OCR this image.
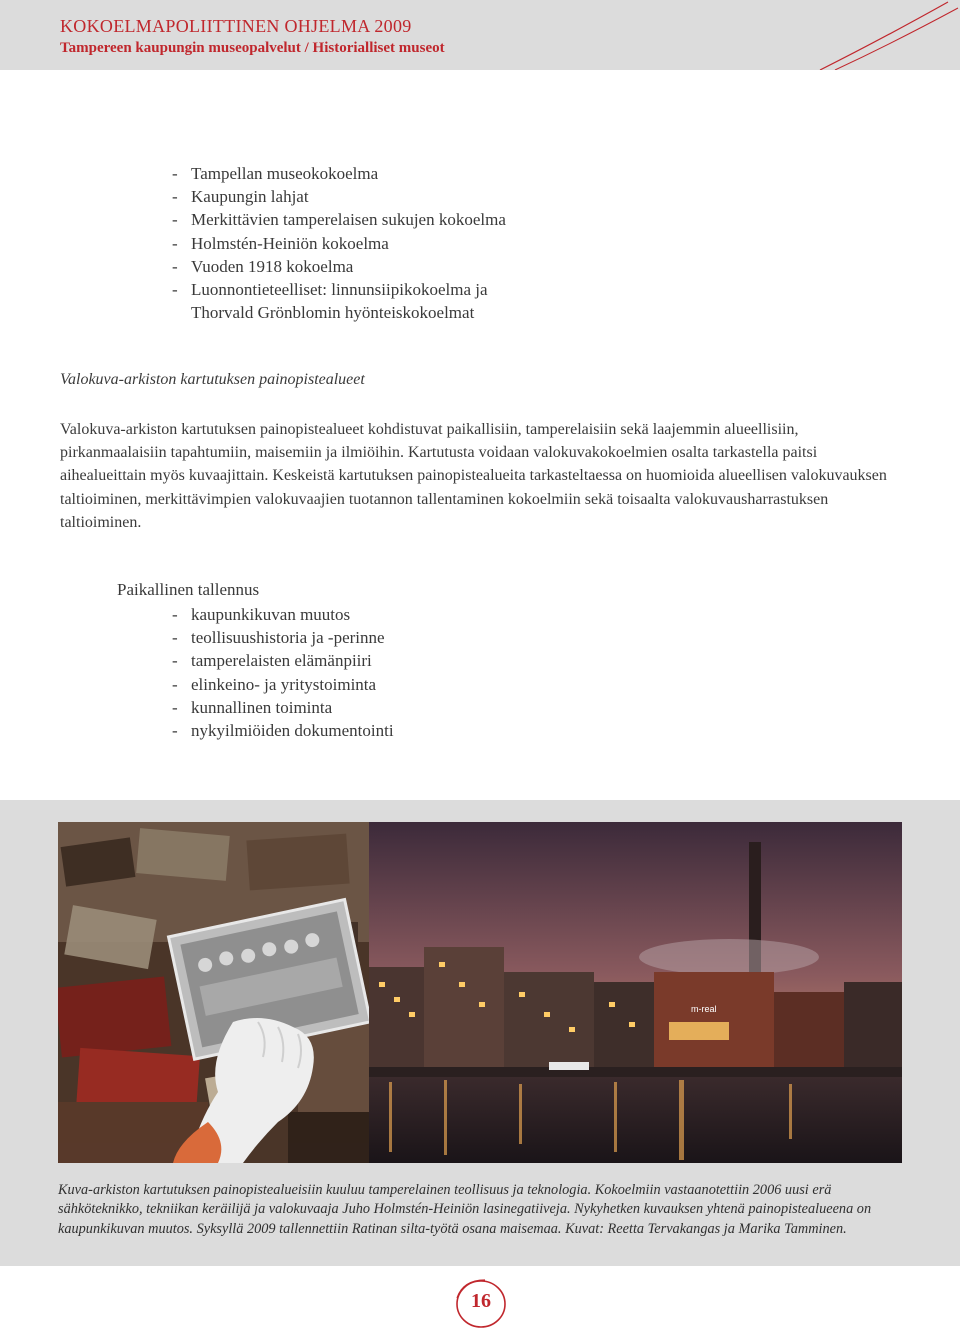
KOKOELMAPOLIITTINEN OHJELMA 2009
Tampereen kaupungin museopalvelut / Historialliset museot
- Tampellan museokokoelma
- Kaupungin lahjat
- Merkittävien tamperelaisen sukujen kokoelma
- Holmstén-Heiniön kokoelma
- Vuoden 1918 kokoelma
- Luonnontieteelliset: linnunsiipikokoelma ja
Thorvald Grönblomin hyönteiskokoelmat
Valokuva-arkiston kartutuksen painopistealueet

Valokuva-arkiston kartutuksen painopistealueet kohdistuvat paikallisiin, tamperelaisiin sekä laajemmin alueellisiin, pirkanmaalaisiin tapahtumiin, maisemiin ja ilmiöihin. Kartutusta voidaan valokuvakokoelmien osalta tarkastella paitsi aihealueittain myös kuvaajittain. Keskeistä kartutuksen painopistealueita tarkasteltaessa on huomioida alueellisen valokuvauksen taltioiminen, merkittävimpien valokuvaajien tuotannon tallentaminen kokoelmiin sekä toisaalta valokuvausharrastuksen taltioiminen.

Paikallinen tallennus
- kaupunkikuvan muutos
- teollisuushistoria ja -perinne
- tamperelaisten elämänpiiri
- elinkeino- ja yritystoiminta
- kunnallinen toiminta
- nykyilmiöiden dokumentointi
m-real
Kuva-arkiston kartutuksen painopistealueisiin kuuluu tamperelainen teollisuus ja teknologia. Kokoelmiin vastaanotettiin 2006 uusi erä sähköteknikko, tekniikan keräilijä ja valokuvaaja Juho Holmstén-Heiniön lasinegatiiveja. Nykyhetken kuvauksen yhtenä painopistealueena on kaupunkikuvan muutos. Syksyllä 2009 tallennettiin Ratinan silta-työtä osana maisemaa. Kuvat: Reetta Tervakangas ja Marika Tamminen.
16
